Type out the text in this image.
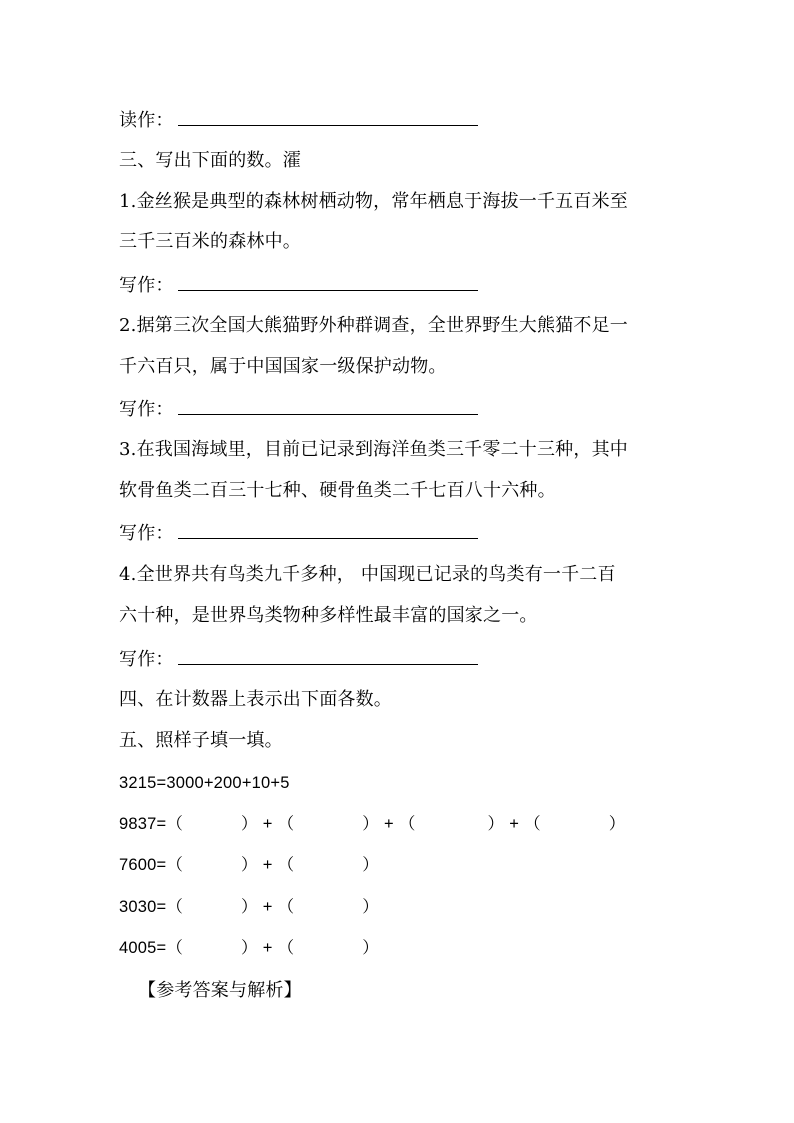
读作：
三、写出下面的数。瀖
1.金丝猴是典型的森林树栖动物，常年栖息于海拔一千五百米至
三千三百米的森林中。
写作：
2.据第三次全国大熊猫野外种群调查，全世界野生大熊猫不足一
千六百只，属于中国国家一级保护动物。
写作：
3.在我国海域里，目前已记录到海洋鱼类三千零二十三种，其中
软骨鱼类二百三十七种、硬骨鱼类二千七百八十六种。
写作：
4.全世界共有鸟类九千多种， 中国现已记录的鸟类有一千二百
六十种，是世界鸟类物种多样性最丰富的国家之一。
写作：
四、在计数器上表示出下面各数。
五、照样子填一填。
3215=3000+200+10+5
9837=（	） + （	） + （	） + （	）
7600=（	） + （	）
3030=（	） + （	）
4005=（	） + （	）
【参考答案与解析】
